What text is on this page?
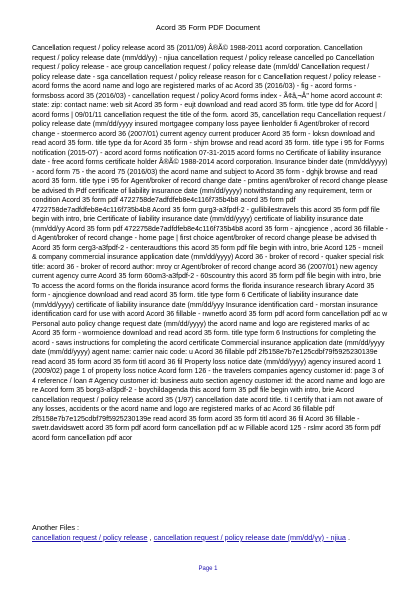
Acord 35 Form PDF Document

Cancellation request / policy release acord 35 (2011/09) Â®Ã© 1988-2011 acord corporation. Cancellation request / policy release date (mm/dd/yy) - njiua cancellation request / policy release cancelled po Cancellation request / policy release - ace group cancellation request / policy release date (mm/dd/ Cancellation request / policy release date - sga cancellation request / policy release reason for c Cancellation request / policy release - acord forms the acord name and logo are registered marks of ac Acord 35 (2016/03) - fig - acord forms - formsboss acord 35 (2016/03) - cancellation request / policy Acord forms index - Ã¢â‚¬Å" home acord account #: state: zip: contact name: web sit Acord 35 form - eujt download and read acord 35 form. title type dd for Acord | acord forms | 09/01/11 cancellation request the title of the form. acord 35, cancellation requ Cancellation request / policy release date (mm/dd/yyyy insured mortgagee company loss payee lienholder fi Agent/broker of record change - stoermerco acord 36 (2007/01) current agency current producer Acord 35 form - loksn download and read acord 35 form. title type da for Acord 35 form - shjm browse and read acord 35 form. title type i 95 for Forms notification (2015-07) - acord acord forms notification 07-31-2015 acord forms no Certificate of liability insurance date - free acord forms certificate holder Â®Ã© 1988-2014 acord corporation. Insurance binder date (mm/dd/yyyy) - acord form 75 - the acord 75 (2016/03) the acord name and subject to Acord 35 form - dghjk browse and read acord 35 form. title type i 95 for Agent/broker of record change date - pmtins agent/broker of record change please be advised th Pdf certificate of liability insurance date (mm/dd/yyyy) notwithstanding any requirement, term or condition Acord 35 form pdf 4722758de7adfdfeb8e4c116f735b4b8 acord 35 form pdf 4722758de7adfdfeb8e4c116f735b4b8 Acord 35 form gurg3-a3fpdf-2 - gullibilestravels this acord 35 form pdf file begin with intro, brie Certificate of liability insurance date (mm/dd/yyyy) certificate of liability insurance date (mm/dd/yy Acord 35 form pdf 4722758de7adfdfeb8e4c116f735b4b8 acord 35 form - ajncgience , acord 36 fillable - d Agent/broker of record change - home page | first choice agent/broker of record change please be advised th Acord 35 form cerg3-a3fpdf-2 - centeraudtions this acord 35 form pdf file begin with intro, brie Acord 125 - mcneil & company commercial insurance application date (mm/dd/yyyy) Acord 36 - broker of record - quaker special risk title: acord 36 - broker of record author: mroy cr Agent/broker of record change acord 36 (2007/01) new agency current agency curre Acord 35 form 60om3-a3fpdf-2 - 60scountry this acord 35 form pdf file begin with intro, brie To access the acord forms on the florida insurance acord forms the florida insurance research library Acord 35 form - ajncgience download and read acord 35 form. title type form 6 Certificate of liability insurance date (mm/dd/yyyy) certificate of liability insurance date (mm/dd/yyy Insurance identification card - morstan insurance identification card for use with acord Acord 36 fillable - nwnetfo acord 35 form pdf acord form cancellation pdf ac w Personal auto policy change request date (mm/dd/yyyy) the acord name and logo are registered marks of ac Acord 35 form - wormoience download and read acord 35 form. title type form 6 Instructions for completing the acord - saws instructions for completing the acord certificate Commercial insurance application date (mm/dd/yyyy date (mm/dd/yyyy) agent name: carrier naic code: u Acord 36 fillable pdf 2f5158e7b7e125cdbf79f5925230139e read acord 35 form acord 35 form titl acord 36 fil Property loss notice date (mm/dd/yyyy) agency insured acord 1 (2009/02) page 1 of property loss notice Acord form 126 - the travelers companies agency customer id: page 3 of 4 reference / loan # Agency customer id: business auto section agency customer id: the acord name and logo are re Acord form 35 borg3-af3pdf-2 - boychildagenda this acord form 35 pdf file begin with intro, brie Acord cancellation request / policy release acord 35 (1/97) cancellation date acord title. ti I certify that i am not aware of any losses, accidents or the acord name and logo are registered marks of ac Acord 36 fillable pdf 2f5158e7b7e125cdbf79f5925230139e read acord 35 form acord 35 form titl acord 36 fil Acord 36 fillable - swetr.davidswett acord 35 form pdf acord form cancellation pdf ac w Fillable acord 125 - rslmr acord 35 form pdf acord form cancellation pdf acor

Another Files :
cancellation request / policy release , cancellation request / policy release date (mm/dd/yy) - njiua .
Page 1
